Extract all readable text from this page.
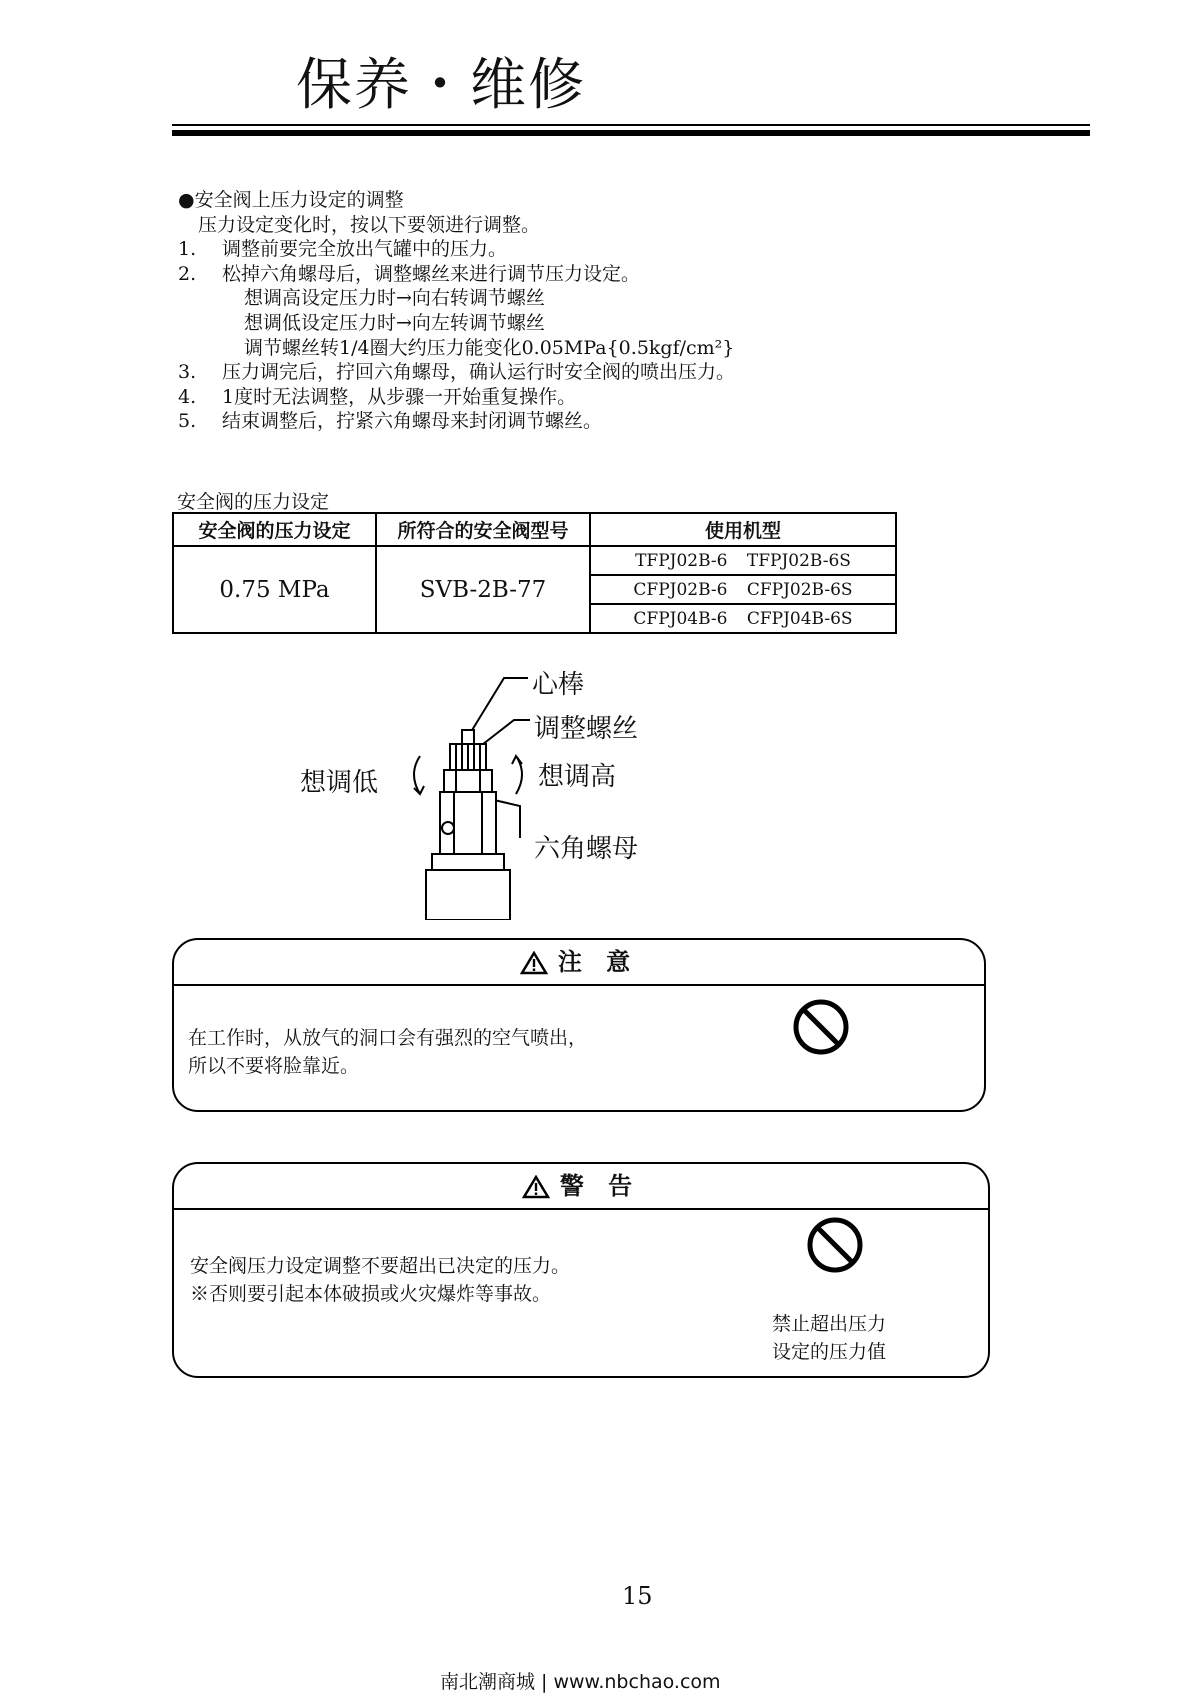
保养・维修
●安全阀上压力设定的调整
压力设定变化时，按以下要领进行调整。
1. 调整前要完全放出气罐中的压力。
2. 松掉六角螺母后，调整螺丝来进行调节压力设定。
想调高设定压力时→向右转调节螺丝
想调低设定压力时→向左转调节螺丝
调节螺丝转1/4圈大约压力能变化0.05MPa{0.5kgf/cm²}
3. 压力调完后，拧回六角螺母，确认运行时安全阀的喷出压力。
4. 1度时无法调整，从步骤一开始重复操作。
5. 结束调整后，拧紧六角螺母来封闭调节螺丝。
安全阀的压力设定
安全阀的压力设定	所符合的安全阀型号	使用机型
0.75 MPa	SVB-2B-77	TFPJ02B-6 TFPJ02B-6S
		CFPJ02B-6 CFPJ02B-6S
		CFPJ04B-6 CFPJ04B-6S
心棒
调整螺丝
想调低	想调高
六角螺母
注 意
在工作时，从放气的洞口会有强烈的空气喷出，
所以不要将脸靠近。
警 告
安全阀压力设定调整不要超出已决定的压力。
※否则要引起本体破损或火灾爆炸等事故。
禁止超出压力
设定的压力值
15
南北潮商城 | www.nbchao.com
